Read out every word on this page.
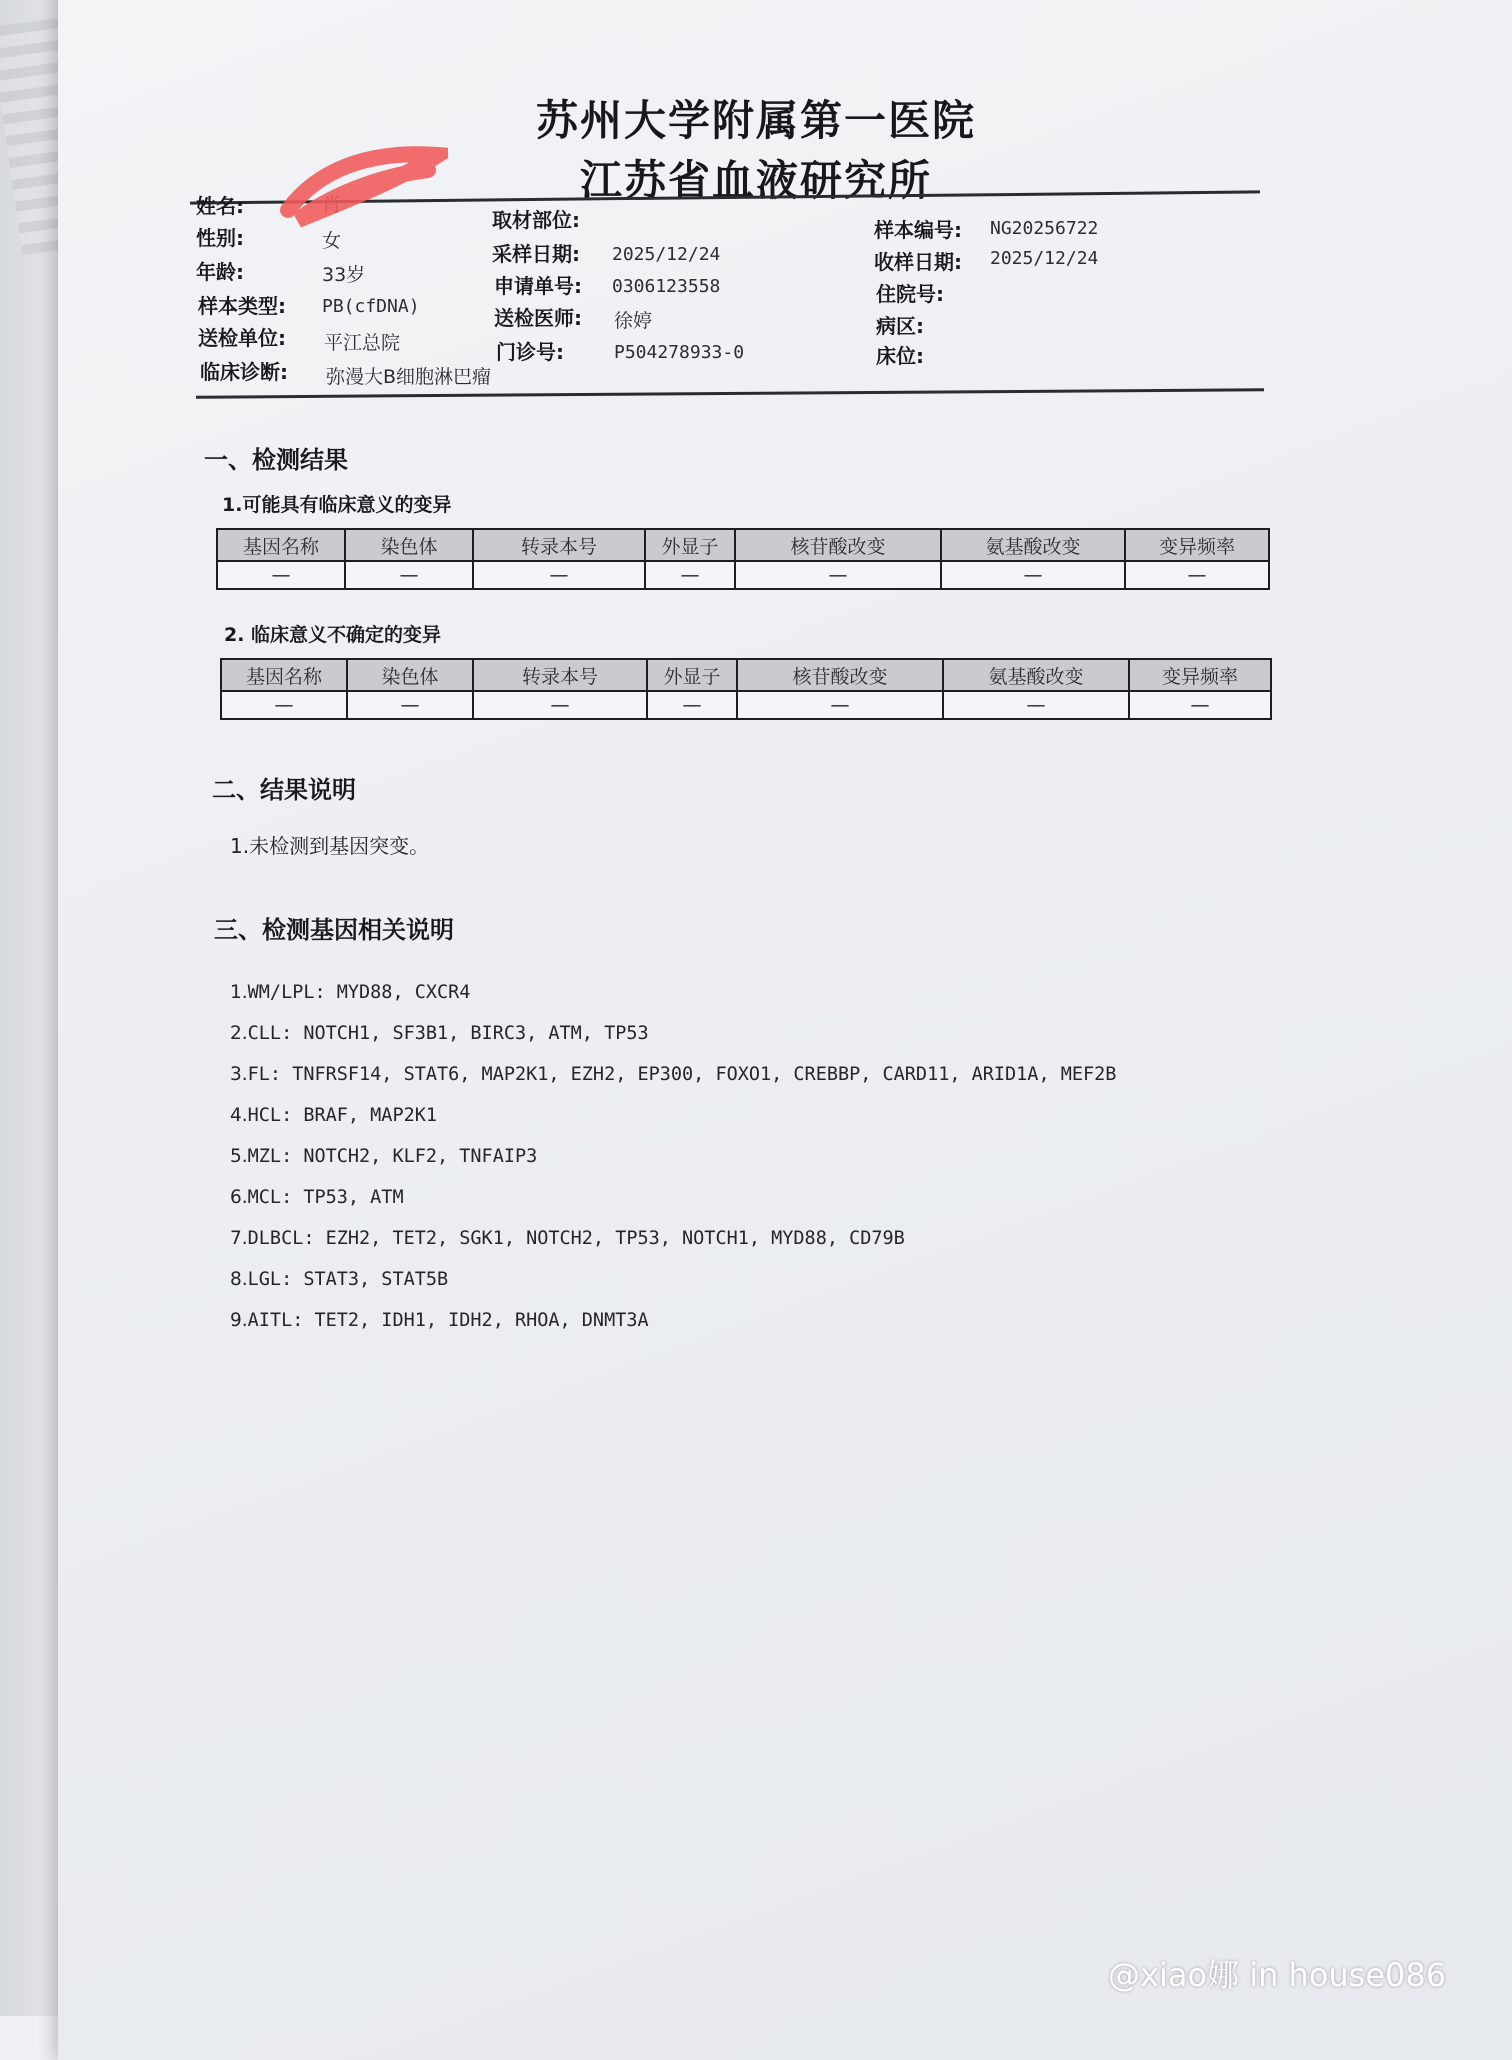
苏州大学附属第一医院
江苏省血液研究所
姓名:	肖
性别:	女
年龄:	33岁
样本类型: PB(cfDNA)
送检单位: 平江总院
临床诊断: 弥漫大B细胞淋巴瘤
取材部位:
采样日期: 2025/12/24
申请单号: 0306123558
送检医师: 徐婷
门诊号:	P504278933-0
样本编号: NG20256722
收样日期: 2025/12/24
住院号:
病区:
床位:
一、检测结果
1.可能具有临床意义的变异
基因名称	染色体	转录本号	外显子	核苷酸改变	氨基酸改变	变异频率
—	—	—	—	—	—	—
2. 临床意义不确定的变异
基因名称	染色体	转录本号	外显子	核苷酸改变	氨基酸改变	变异频率
—	—	—	—	—	—	—
二、结果说明
1.未检测到基因突变。
三、检测基因相关说明
1.WM/LPL: MYD88, CXCR4
2.CLL: NOTCH1, SF3B1, BIRC3, ATM, TP53
3.FL: TNFRSF14, STAT6, MAP2K1, EZH2, EP300, FOXO1, CREBBP, CARD11, ARID1A, MEF2B
4.HCL: BRAF, MAP2K1
5.MZL: NOTCH2, KLF2, TNFAIP3
6.MCL: TP53, ATM
7.DLBCL: EZH2, TET2, SGK1, NOTCH2, TP53, NOTCH1, MYD88, CD79B
8.LGL: STAT3, STAT5B
9.AITL: TET2, IDH1, IDH2, RHOA, DNMT3A
@xiao娜 in house086
